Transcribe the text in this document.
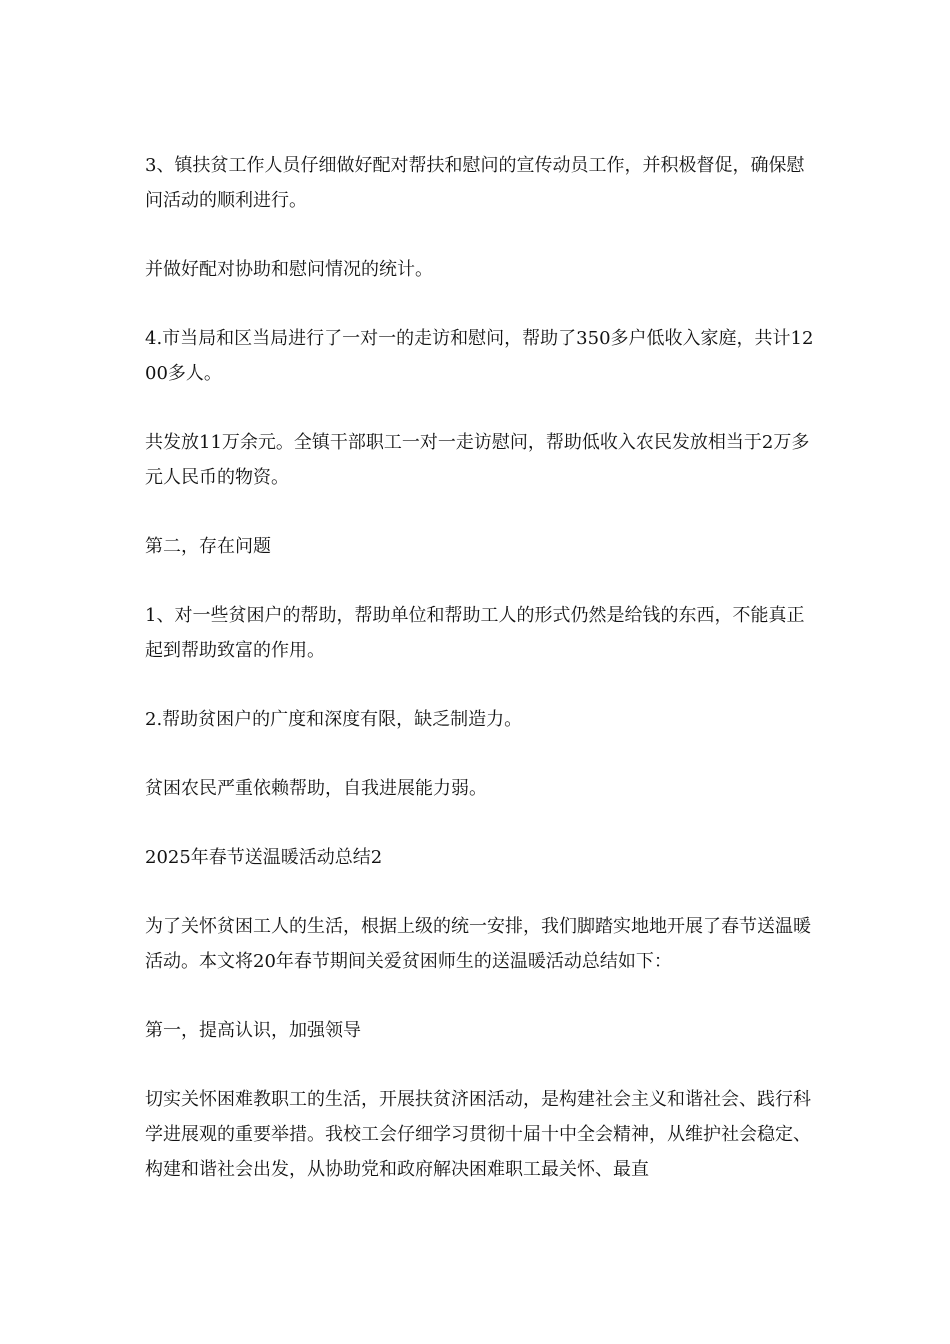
3、镇扶贫工作人员仔细做好配对帮扶和慰问的宣传动员工作，并积极督促，确保慰问活动的顺利进行。

并做好配对协助和慰问情况的统计。

4.市当局和区当局进行了一对一的走访和慰问，帮助了350多户低收入家庭，共计1200多人。

共发放11万余元。全镇干部职工一对一走访慰问，帮助低收入农民发放相当于2万多元人民币的物资。

第二，存在问题

1、对一些贫困户的帮助，帮助单位和帮助工人的形式仍然是给钱的东西，不能真正起到帮助致富的作用。

2.帮助贫困户的广度和深度有限，缺乏制造力。

贫困农民严重依赖帮助，自我进展能力弱。

2025年春节送温暖活动总结2

为了关怀贫困工人的生活，根据上级的统一安排，我们脚踏实地地开展了春节送温暖活动。本文将20年春节期间关爱贫困师生的送温暖活动总结如下：

第一，提高认识，加强领导

切实关怀困难教职工的生活，开展扶贫济困活动，是构建社会主义和谐社会、践行科学进展观的重要举措。我校工会仔细学习贯彻十届十中全会精神，从维护社会稳定、构建和谐社会出发，从协助党和政府解决困难职工最关怀、最直
